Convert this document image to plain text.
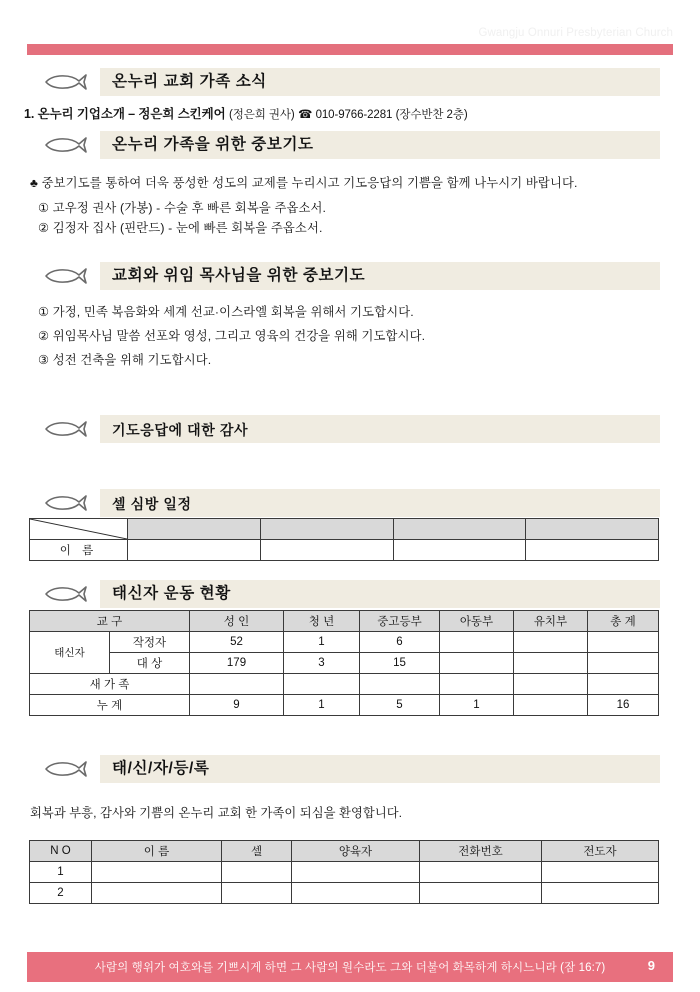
Gwangju Onnuri Presbyterian Church
온누리 교회 가족 소식
1. 온누리 기업소개 – 정은희 스킨케어 (정은희 권사) ☎ 010-9766-2281 (장수반찬 2층)
온누리 가족을 위한 중보기도
♣ 중보기도를 통하여 더욱 풍성한 성도의 교제를 누리시고 기도응답의 기쁨을 함께 나누시기 바랍니다.
① 고우정 권사 (가봉) - 수술 후 빠른 회복을 주옵소서.
② 김정자 집사 (핀란드) - 눈에 빠른 회복을 주옵소서.
교회와 위임 목사님을 위한 중보기도
① 가정, 민족 복음화와 세계 선교·이스라엘 회복을 위해서 기도합시다.
② 위임목사님 말씀 선포와 영성, 그리고 영육의 건강을 위해 기도합시다.
③ 성전 건축을 위해 기도합시다.
기도응답에 대한 감사
셀 심방 일정

이 름				
태신자 운동 현황
교 구		성 인	청 년	중고등부	아동부	유치부	총 계
태신자	작정자	52	1	6			
	대 상	179	3	15			
새 가 족							
누 계		9	1	5	1		16
태/신/자/등/록
회복과 부흥, 감사와 기쁨의 온누리 교회 한 가족이 되심을 환영합니다.
N O	이 름	셀	양육자	전화번호	전도자
1					
2					
사람의 행위가 여호와를 기쁘시게 하면 그 사람의 원수라도 그와 더불어 화목하게 하시느니라 (잠 16:7)	9
